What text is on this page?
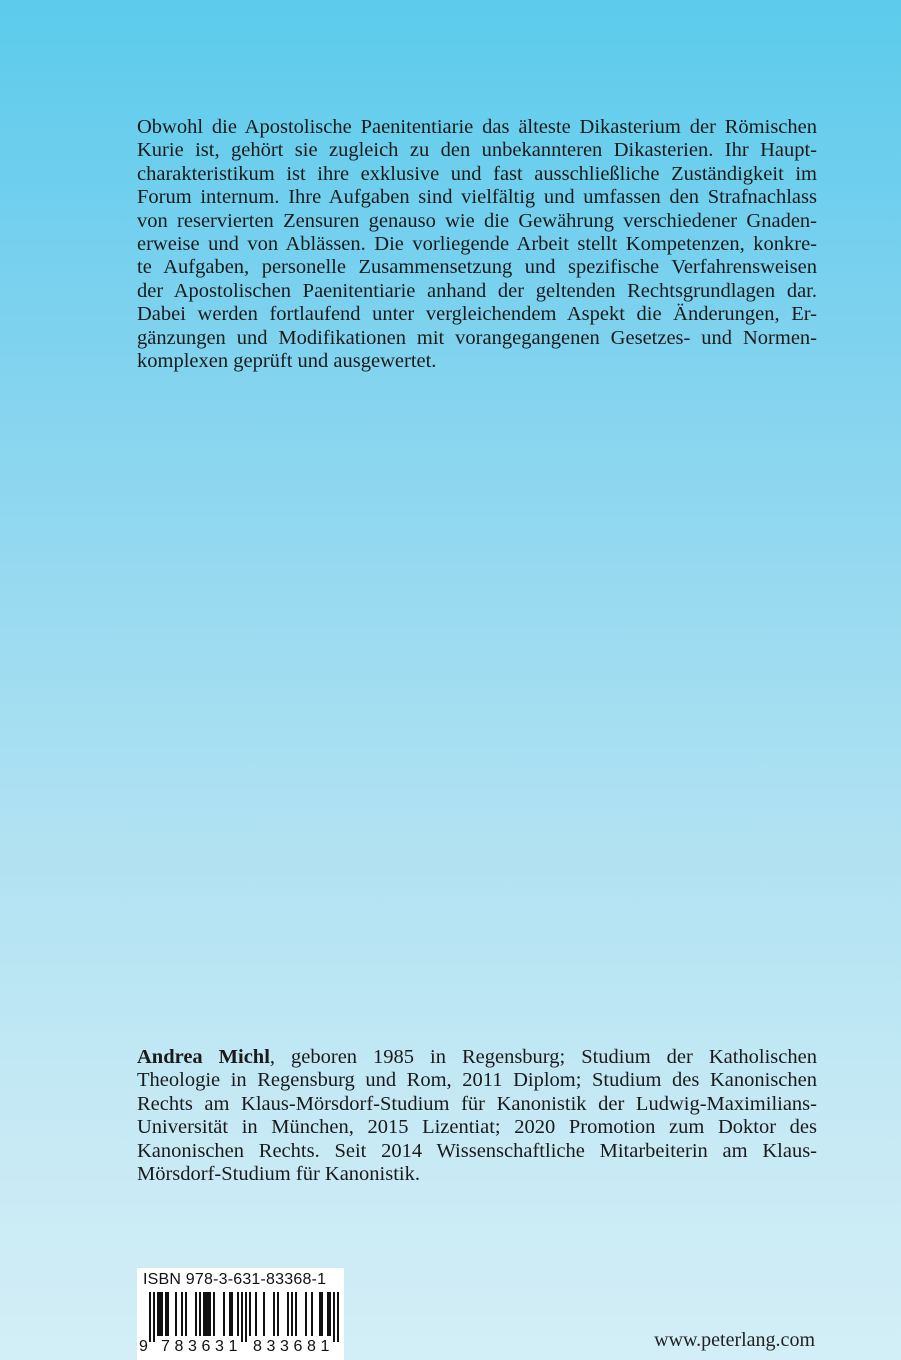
Obwohl die Apostolische Paenitentiarie das älteste Dikasterium der Römischen
Kurie ist, gehört sie zugleich zu den unbekannteren Dikasterien. Ihr Haupt-
charakteristikum ist ihre exklusive und fast ausschließliche Zuständigkeit im
Forum internum. Ihre Aufgaben sind vielfältig und umfassen den Strafnachlass
von reservierten Zensuren genauso wie die Gewährung verschiedener Gnaden-
erweise und von Ablässen. Die vorliegende Arbeit stellt Kompetenzen, konkre-
te Aufgaben, personelle Zusammensetzung und spezifische Verfahrensweisen
der Apostolischen Paenitentiarie anhand der geltenden Rechtsgrundlagen dar.
Dabei werden fortlaufend unter vergleichendem Aspekt die Änderungen, Er-
gänzungen und Modifikationen mit vorangegangenen Gesetzes- und Normen-
komplexen geprüft und ausgewertet.
Andrea Michl, geboren 1985 in Regensburg; Studium der Katholischen
Theologie in Regensburg und Rom, 2011 Diplom; Studium des Kanonischen
Rechts am Klaus-Mörsdorf-Studium für Kanonistik der Ludwig-Maximilians-
Universität in München, 2015 Lizentiat; 2020 Promotion zum Doktor des
Kanonischen Rechts. Seit 2014 Wissenschaftliche Mitarbeiterin am Klaus-
Mörsdorf-Studium für Kanonistik.
ISBN 978-3-631-83368-1
9 783631 833681	www.peterlang.com
